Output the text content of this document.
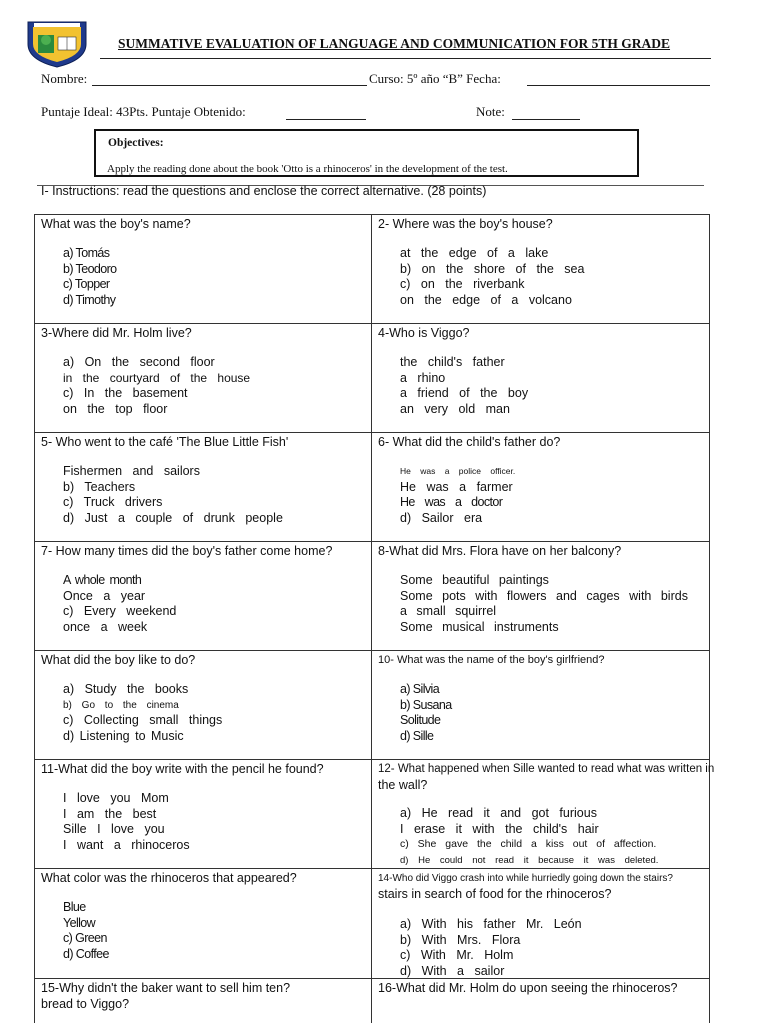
SUMMATIVE EVALUATION OF LANGUAGE AND COMMUNICATION FOR 5TH GRADE
Nombre:	Curso: 5º año “B” Fecha:
Puntaje Ideal: 43Pts. Puntaje Obtenido:	Note:
Objectives:
Apply the reading done about the book 'Otto is a rhinoceros' in the development of the test.
I- Instructions: read the questions and enclose the correct alternative. (28 points)
What was the boy's name?
a) Tomás
b) Teodoro
c) Topper
d) Timothy
2- Where was the boy's house?
at the edge of a lake
b) on the shore of the sea
c) on the riverbank
on the edge of a volcano
3-Where did Mr. Holm live?
a) On the second floor
in the courtyard of the house
c) In the basement
on the top floor
4-Who is Viggo?
the child's father
a rhino
a friend of the boy
an very old man
5- Who went to the café 'The Blue Little Fish'
Fishermen and sailors
b) Teachers
c) Truck drivers
d) Just a couple of drunk people
6- What did the child's father do?
He was a police officer.
He was a farmer
He was a doctor
d) Sailor era
7- How many times did the boy's father come home?
A whole month
Once a year
c) Every weekend
once a week
8-What did Mrs. Flora have on her balcony?
Some beautiful paintings
Some pots with flowers and cages with birds
a small squirrel
Some musical instruments
What did the boy like to do?
a) Study the books
b) Go to the cinema
c) Collecting small things
d) Listening to Music
10- What was the name of the boy's girlfriend?
a) Silvia
b) Susana
Solitude
d) Sille
11-What did the boy write with the pencil he found?
I love you Mom
I am the best
Sille I love you
I want a rhinoceros
12- What happened when Sille wanted to read what was written in
the wall?
a) He read it and got furious
I erase it with the child's hair
c) She gave the child a kiss out of affection.
d) He could not read it because it was deleted.
What color was the rhinoceros that appeared?
Blue
Yellow
c) Green
d) Coffee
14-Who did Viggo crash into while hurriedly going down the stairs?
stairs in search of food for the rhinoceros?
a) With his father Mr. León
b) With Mrs. Flora
c) With Mr. Holm
d) With a sailor
15-Why didn't the baker want to sell him ten?
bread to Viggo?
16-What did Mr. Holm do upon seeing the rhinoceros?
